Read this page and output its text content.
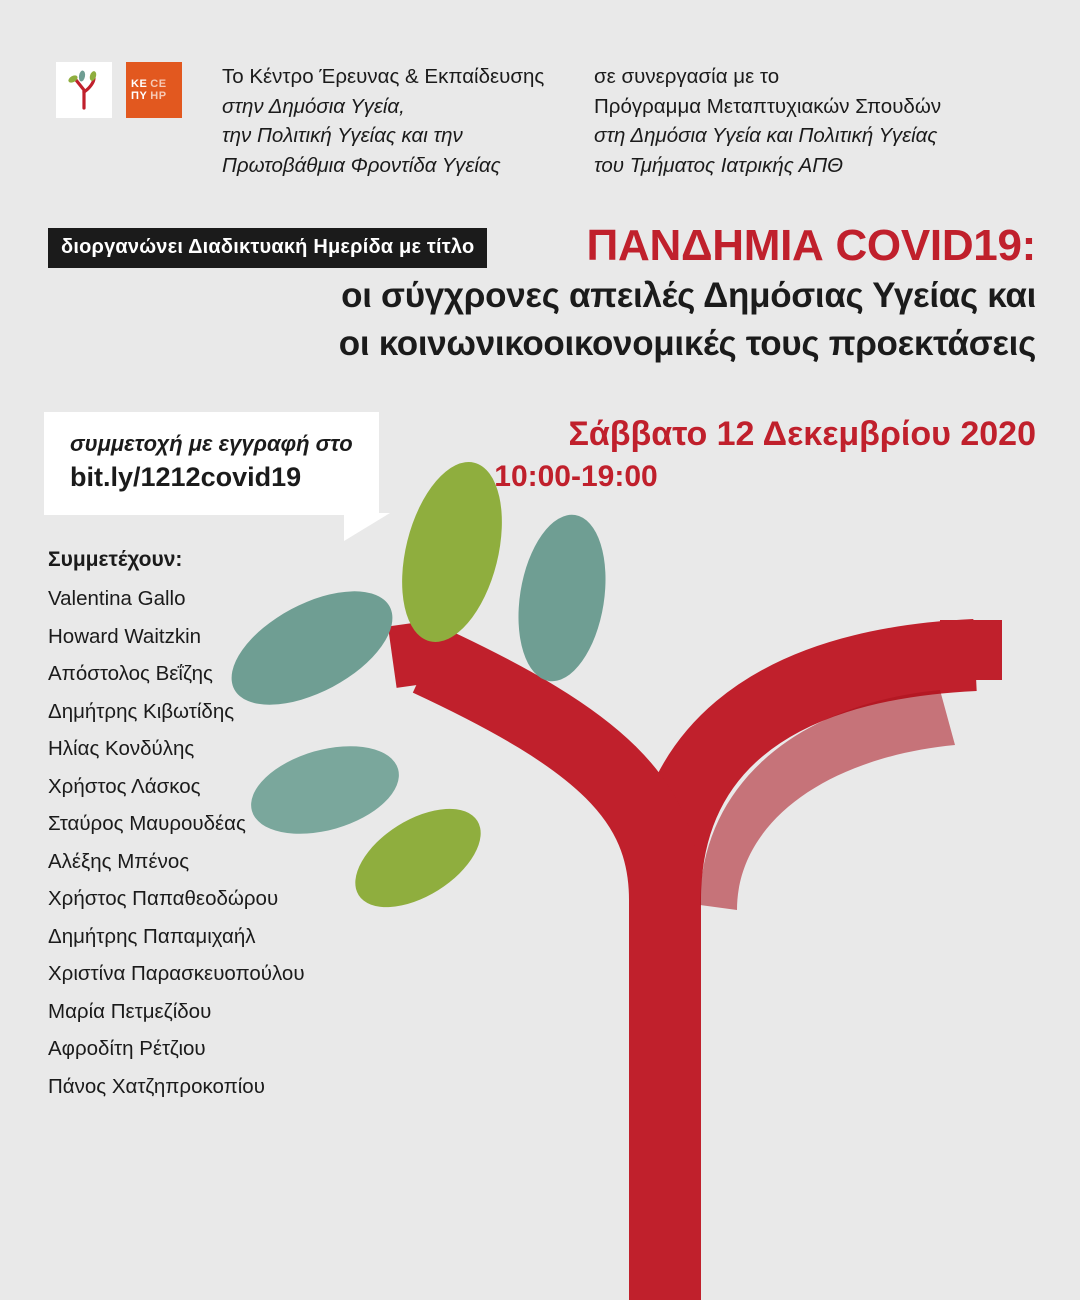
ΚΕ CE
ΠΥ HP
Το Κέντρο Έρευνας & Εκπαίδευσης
στην Δημόσια Υγεία,
την Πολιτική Υγείας και την
Πρωτοβάθμια Φροντίδα Υγείας
σε συνεργασία με το
Πρόγραμμα Μεταπτυχιακών Σπουδών
στη Δημόσια Υγεία και Πολιτική Υγείας
του Τμήματος Ιατρικής ΑΠΘ
διοργανώνει Διαδικτυακή Ημερίδα με τίτλο	ΠΑΝΔΗΜΙΑ COVID19:
οι σύγχρονες απειλές Δημόσιας Υγείας και
οι κοινωνικοοικονομικές τους προεκτάσεις
Σάββατο 12 Δεκεμβρίου 2020
10:00-19:00
συμμετοχή με εγγραφή στο
bit.ly/1212covid19
Συμμετέχουν:
Valentina Gallo
Howard Waitzkin
Απόστολος Βεΐζης
Δημήτρης Κιβωτίδης
Ηλίας Κονδύλης
Χρήστος Λάσκος
Σταύρος Μαυρουδέας
Αλέξης Μπένος
Χρήστος Παπαθεοδώρου
Δημήτρης Παπαμιχαήλ
Χριστίνα Παρασκευοπούλου
Μαρία Πετμεζίδου
Αφροδίτη Ρέτζιου
Πάνος Χατζηπροκοπίου
